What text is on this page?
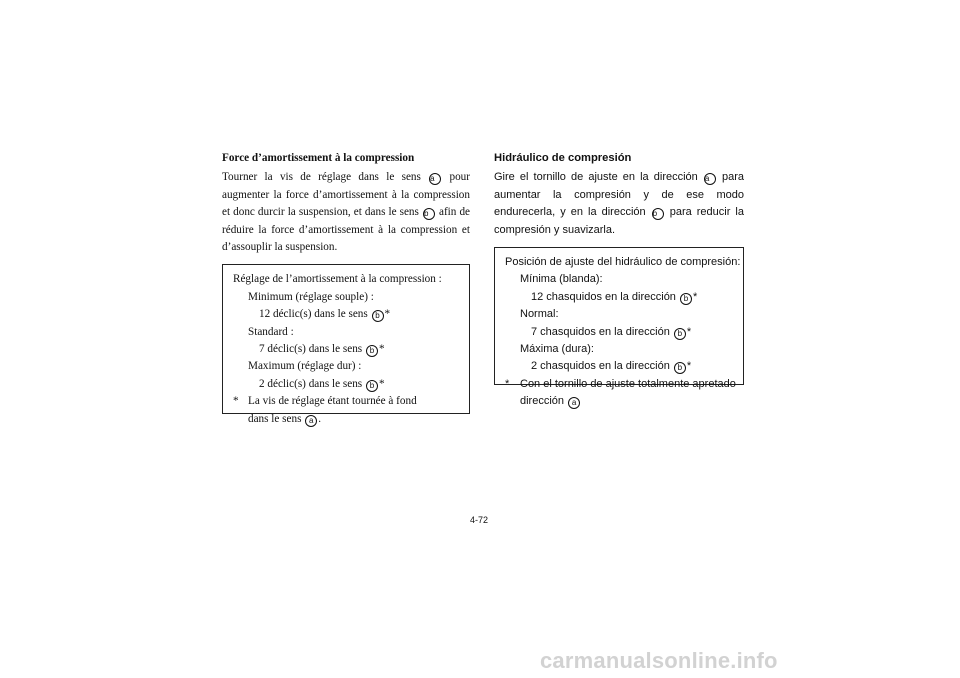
Force d’amortissement à la compression

Tourner la vis de réglage dans le sens a pour augmenter la force d’amortissement à la compression et donc durcir la suspension, et dans le sens b afin de réduire la force d’amortissement à la compression et d’assouplir la suspension.

Réglage de l’amortissement à la compression :
Minimum (réglage souple) :
12 déclic(s) dans le sens b *
Standard :
7 déclic(s) dans le sens b *
Maximum (réglage dur) :
2 déclic(s) dans le sens b *
* La vis de réglage étant tournée à fond
dans le sens a .
Hidráulico de compresión

Gire el tornillo de ajuste en la dirección a para aumentar la compresión y de ese modo endurecerla, y en la dirección b para reducir la compresión y suavizarla.

Posición de ajuste del hidráulico de compresión:
Mínima (blanda):
12 chasquidos en la dirección b *
Normal:
7 chasquidos en la dirección b *
Máxima (dura):
2 chasquidos en la dirección b *
* Con el tornillo de ajuste totalmente apretado
dirección a
4-72
carmanualsonline.info
